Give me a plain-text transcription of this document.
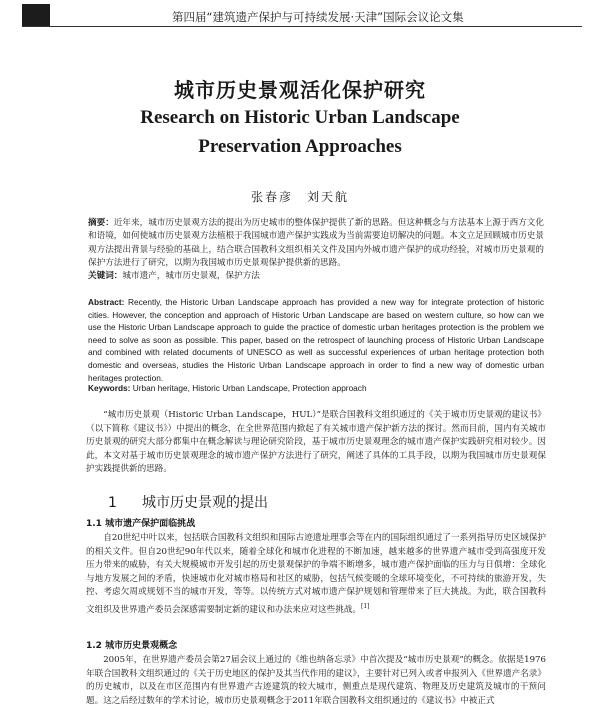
第四届“建筑遗产保护与可持续发展·天津”国际会议论文集
城市历史景观活化保护研究
Research on Historic Urban Landscape
Preservation Approaches
张春彦　刘天航
摘要：近年来，城市历史景观方法的提出为历史城市的整体保护提供了新的思路。但这种概念与方法基本上源于西方文化和语境，如何使城市历史景观方法植根于我国城市遗产保护实践成为当前需要迫切解决的问题。本文立足回顾城市历史景观方法提出背景与经验的基础上，结合联合国教科文组织相关文件及国内外城市遗产保护的成功经验，对城市历史景观的保护方法进行了研究，以期为我国城市历史景观保护提供新的思路。
关键词：城市遗产，城市历史景观，保护方法
Abstract: Recently, the Historic Urban Landscape approach has provided a new way for integrate protection of historic cities. However, the conception and approach of Historic Urban Landscape are based on western culture, so how can we use the Historic Urban Landscape approach to guide the practice of domestic urban heritages protection is the problem we need to solve as soon as possible. This paper, based on the retrospect of launching process of Historic Urban Landscape and combined with related documents of UNESCO as well as successful experiences of urban heritage protection both domestic and overseas, studies the Historic Urban Landscape approach in order to find a new way of domestic urban heritages protection.
Keywords: Urban heritage, Historic Urban Landscape, Protection approach
“城市历史景观（Historic Urban Landscape，HUL）”是联合国教科文组织通过的《关于城市历史景观的建议书》（以下简称《建议书》）中提出的概念，在全世界范围内掀起了有关城市遗产保护新方法的探讨。然而目前，国内有关城市历史景观的研究大部分都集中在概念解读与理论研究阶段，基于城市历史景观理念的城市遗产保护实践研究相对较少。因此，本文对基于城市历史景观理念的城市遗产保护方法进行了研究，阐述了具体的工具手段，以期为我国城市历史景观保护实践提供新的思路。
1 城市历史景观的提出
1.1 城市遗产保护面临挑战
自20世纪中叶以来，包括联合国教科文组织和国际古迹遗址理事会等在内的国际组织通过了一系列指导历史区域保护的相关文件。但自20世纪90年代以来，随着全球化和城市化进程的不断加速，越来越多的世界遗产城市受到高强度开发压力带来的威胁，有关大规模城市开发引起的历史景观保护的争端不断增多，城市遗产保护面临的压力与日俱增：全球化与地方发展之间的矛盾，快速城市化对城市格局和社区的威胁，包括气候变暖的全球环境变化，不可持续的旅游开发，失控、考虑欠周或规划不当的城市开发，等等。以传统方式对城市遗产保护规划和管理带来了巨大挑战。为此，联合国教科文组织及世界遗产委员会深感需要制定新的建议和办法来应对这些挑战。[1]
1.2 城市历史景观概念
2005年，在世界遗产委员会第27届会议上通过的《维也纳备忘录》中首次提及“城市历史景观”的概念。依据是1976年联合国教科文组织通过的《关于历史地区的保护及其当代作用的建议》，主要针对已列入或者申报列入《世界遗产名录》的历史城市，以及在市区范围内有世界遗产古迹建筑的较大城市，侧重点是现代建筑、物理及历史建筑及城市的干预问题。这之后经过数年的学术讨论，城市历史景观概念于2011年联合国教科文组织通过的《建议书》中被正式
